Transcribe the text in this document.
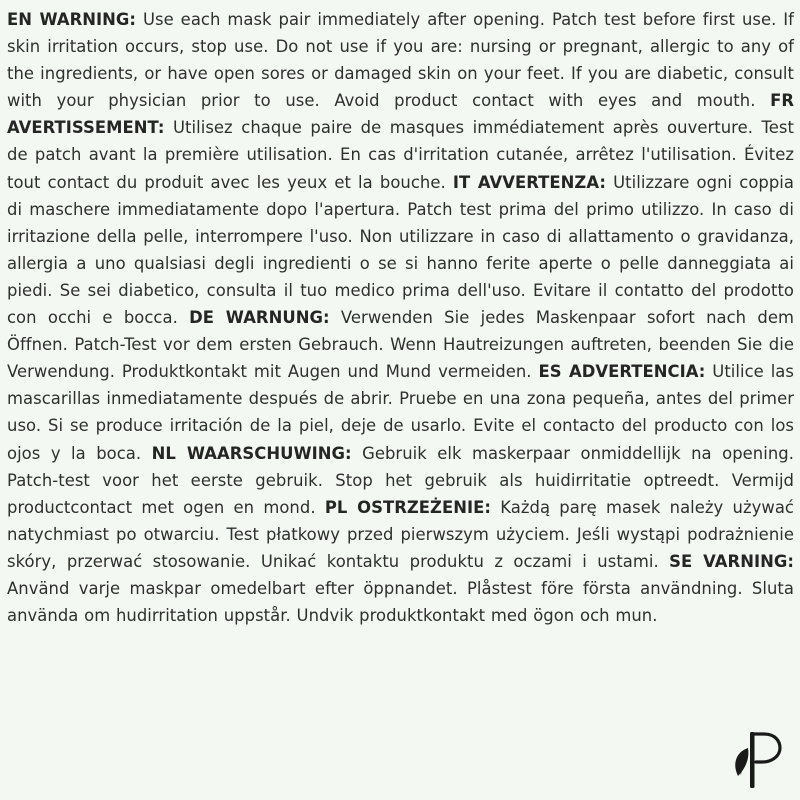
EN WARNING: Use each mask pair immediately after opening. Patch test before first use. If skin irritation occurs, stop use. Do not use if you are: nursing or pregnant, allergic to any of the ingredients, or have open sores or damaged skin on your feet. If you are diabetic, consult with your physician prior to use. Avoid product contact with eyes and mouth.

FR AVERTISSEMENT: Utilisez chaque paire de masques immédiatement après ouverture. Test de patch avant la première utilisation. En cas d'irritation cutanée, arrêtez l'utilisation. Évitez tout contact du produit avec les yeux et la bouche.

IT AVVERTENZA: Utilizzare ogni coppia di maschere immediatamente dopo l'apertura. Patch test prima del primo utilizzo. In caso di irritazione della pelle, interrompere l'uso. Non utilizzare in caso di allattamento o gravidanza, allergia a uno qualsiasi degli ingredienti o se si hanno ferite aperte o pelle danneggiata ai piedi. Se sei diabetico, consulta il tuo medico prima dell'uso. Evitare il contatto del prodotto con occhi e bocca.

DE WARNUNG: Verwenden Sie jedes Maskenpaar sofort nach dem Öffnen. Patch-Test vor dem ersten Gebrauch. Wenn Hautreizungen auftreten, beenden Sie die Verwendung. Produktkontakt mit Augen und Mund vermeiden.

ES ADVERTENCIA: Utilice las mascarillas inmediatamente después de abrir. Pruebe en una zona pequeña, antes del primer uso. Si se produce irritación de la piel, deje de usarlo. Evite el contacto del producto con los ojos y la boca.

NL WAARSCHUWING: Gebruik elk maskerpaar onmiddellijk na opening. Patch-test voor het eerste gebruik. Stop het gebruik als huidirritatie optreedt. Vermijd productcontact met ogen en mond.

PL OSTRZEŻENIE: Każdą parę masek należy używać natychmiast po otwarciu. Test płatkowy przed pierwszym użyciem. Jeśli wystąpi podrażnienie skóry, przerwać stosowanie. Unikać kontaktu produktu z oczami i ustami.

SE VARNING: Använd varje maskpar omedelbart efter öppnandet. Plåstest före första användning. Sluta använda om hudirritation uppstår. Undvik produktkontakt med ögon och mun.
